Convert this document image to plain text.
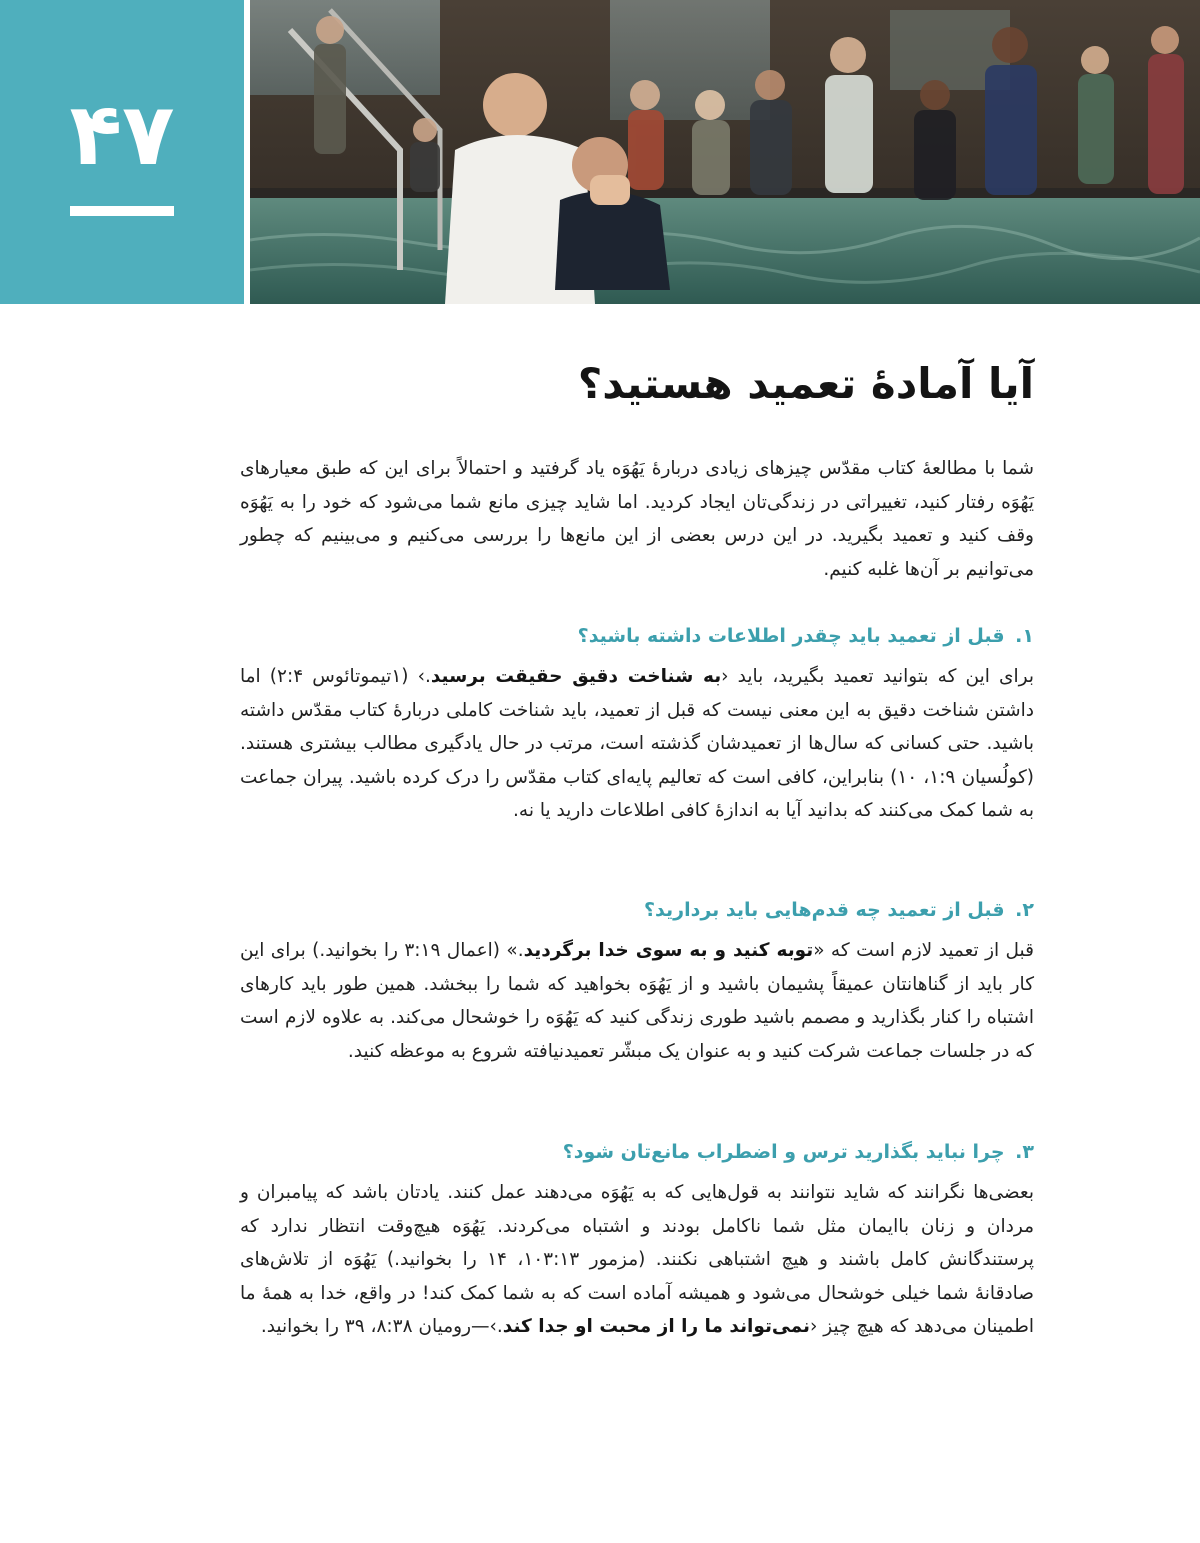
۴۷
آیا آمادهٔ تعمید هستید؟

شما با مطالعهٔ کتاب مقدّس چیزهای زیادی دربارهٔ یَهُوَه یاد گرفتید و احتمالاً برای این که طبق معیارهای یَهُوَه رفتار کنید، تغییراتی در زندگی‌تان ایجاد کردید. اما شاید چیزی مانع شما می‌شود که خود را به یَهُوَه وقف کنید و تعمید بگیرید. در این درس بعضی از این مانع‌ها را بررسی می‌کنیم و می‌بینیم که چطور می‌توانیم بر آن‌ها غلبه کنیم.

۱. قبل از تعمید باید چقدر اطلاعات داشته باشید؟

برای این که بتوانید تعمید بگیرید، باید ‹به شناخت دقیق حقیقت برسید.› (۱تیموتائوس ۲:۴) اما داشتن شناخت دقیق به این معنی نیست که قبل از تعمید، باید شناخت کاملی دربارهٔ کتاب مقدّس داشته باشید. حتی کسانی که سال‌ها از تعمیدشان گذشته است، مرتب در حال یادگیری مطالب بیشتری هستند. (کولُسیان ۱:۹، ۱۰) بنابراین، کافی است که تعالیم پایه‌ای کتاب مقدّس را درک کرده باشید. پیران جماعت به شما کمک می‌کنند که بدانید آیا به اندازهٔ کافی اطلاعات دارید یا نه.

۲. قبل از تعمید چه قدم‌هایی باید بردارید؟

قبل از تعمید لازم است که «توبه کنید و به سوی خدا برگردید.» (اعمال ۳:۱۹ را بخوانید.) برای این کار باید از گناهانتان عمیقاً پشیمان باشید و از یَهُوَه بخواهید که شما را ببخشد. همین طور باید کارهای اشتباه را کنار بگذارید و مصمم باشید طوری زندگی کنید که یَهُوَه را خوشحال می‌کند. به علاوه لازم است که در جلسات جماعت شرکت کنید و به عنوان یک مبشّر تعمیدنیافته شروع به موعظه کنید.

۳. چرا نباید بگذارید ترس و اضطراب مانع‌تان شود؟

بعضی‌ها نگرانند که شاید نتوانند به قول‌هایی که به یَهُوَه می‌دهند عمل کنند. یادتان باشد که پیامبران و مردان و زنان باایمان مثل شما ناکامل بودند و اشتباه می‌کردند. یَهُوَه هیچ‌وقت انتظار ندارد که پرستندگانش کامل باشند و هیچ اشتباهی نکنند. (مزمور ۱۰۳:۱۳، ۱۴ را بخوانید.) یَهُوَه از تلاش‌های صادقانهٔ شما خیلی خوشحال می‌شود و همیشه آماده است که به شما کمک کند! در واقع، خدا به همهٔ ما اطمینان می‌دهد که هیچ چیز ‹نمی‌تواند ما را از محبت او جدا کند.›—رومیان ۸:۳۸، ۳۹ را بخوانید.
